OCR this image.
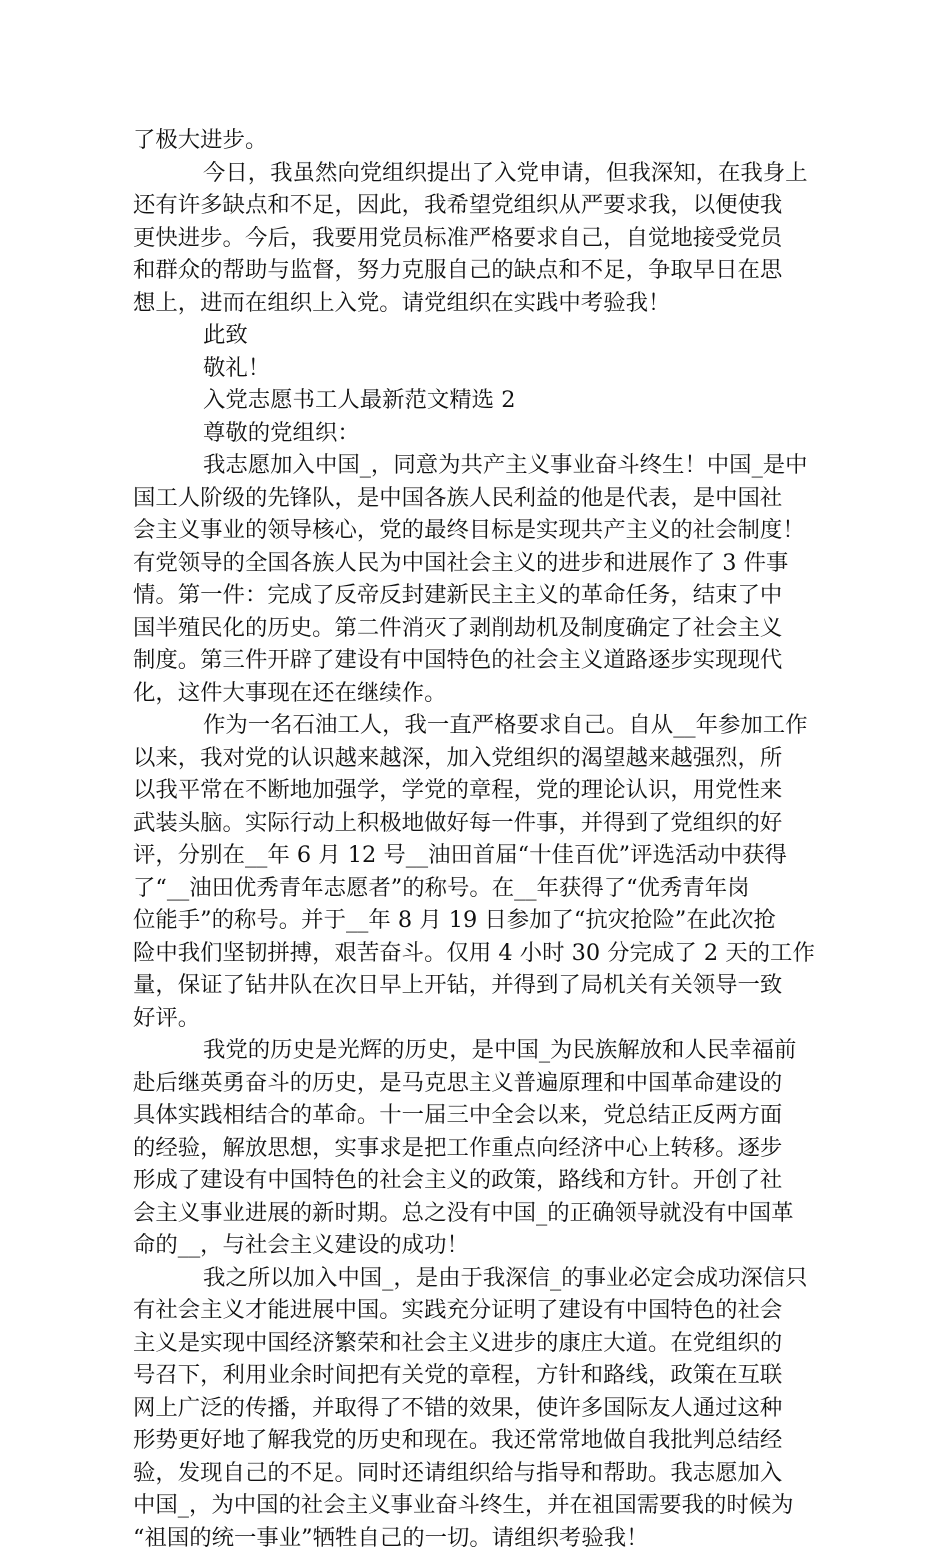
了极大进步。
今日，我虽然向党组织提出了入党申请，但我深知，在我身上
还有许多缺点和不足，因此，我希望党组织从严要求我，以便使我
更快进步。今后，我要用党员标准严格要求自己，自觉地接受党员
和群众的帮助与监督，努力克服自己的缺点和不足，争取早日在思
想上，进而在组织上入党。请党组织在实践中考验我！
此致
敬礼！
入党志愿书工人最新范文精选 2
尊敬的党组织：
我志愿加入中国_，同意为共产主义事业奋斗终生！中国_是中
国工人阶级的先锋队，是中国各族人民利益的他是代表，是中国社
会主义事业的领导核心，党的最终目标是实现共产主义的社会制度！
有党领导的全国各族人民为中国社会主义的进步和进展作了 3 件事
情。第一件：完成了反帝反封建新民主主义的革命任务，结束了中
国半殖民化的历史。第二件消灭了剥削劫机及制度确定了社会主义
制度。第三件开辟了建设有中国特色的社会主义道路逐步实现现代
化，这件大事现在还在继续作。
作为一名石油工人，我一直严格要求自己。自从__年参加工作
以来，我对党的认识越来越深，加入党组织的渴望越来越强烈，所
以我平常在不断地加强学，学党的章程，党的理论认识，用党性来
武装头脑。实际行动上积极地做好每一件事，并得到了党组织的好
评，分别在__年 6 月 12 号__油田首届“十佳百优”评选活动中获得
了“__油田优秀青年志愿者”的称号。在__年获得了“优秀青年岗
位能手”的称号。并于__年 8 月 19 日参加了“抗灾抢险”在此次抢
险中我们坚韧拼搏，艰苦奋斗。仅用 4 小时 30 分完成了 2 天的工作
量，保证了钻井队在次日早上开钻，并得到了局机关有关领导一致
好评。
我党的历史是光辉的历史，是中国_为民族解放和人民幸福前
赴后继英勇奋斗的历史，是马克思主义普遍原理和中国革命建设的
具体实践相结合的革命。十一届三中全会以来，党总结正反两方面
的经验，解放思想，实事求是把工作重点向经济中心上转移。逐步
形成了建设有中国特色的社会主义的政策，路线和方针。开创了社
会主义事业进展的新时期。总之没有中国_的正确领导就没有中国革
命的__，与社会主义建设的成功！
我之所以加入中国_，是由于我深信_的事业必定会成功深信只
有社会主义才能进展中国。实践充分证明了建设有中国特色的社会
主义是实现中国经济繁荣和社会主义进步的康庄大道。在党组织的
号召下，利用业余时间把有关党的章程，方针和路线，政策在互联
网上广泛的传播，并取得了不错的效果，使许多国际友人通过这种
形势更好地了解我党的历史和现在。我还常常地做自我批判总结经
验，发现自己的不足。同时还请组织给与指导和帮助。我志愿加入
中国_，为中国的社会主义事业奋斗终生，并在祖国需要我的时候为
“祖国的统一事业”牺牲自己的一切。请组织考验我！
